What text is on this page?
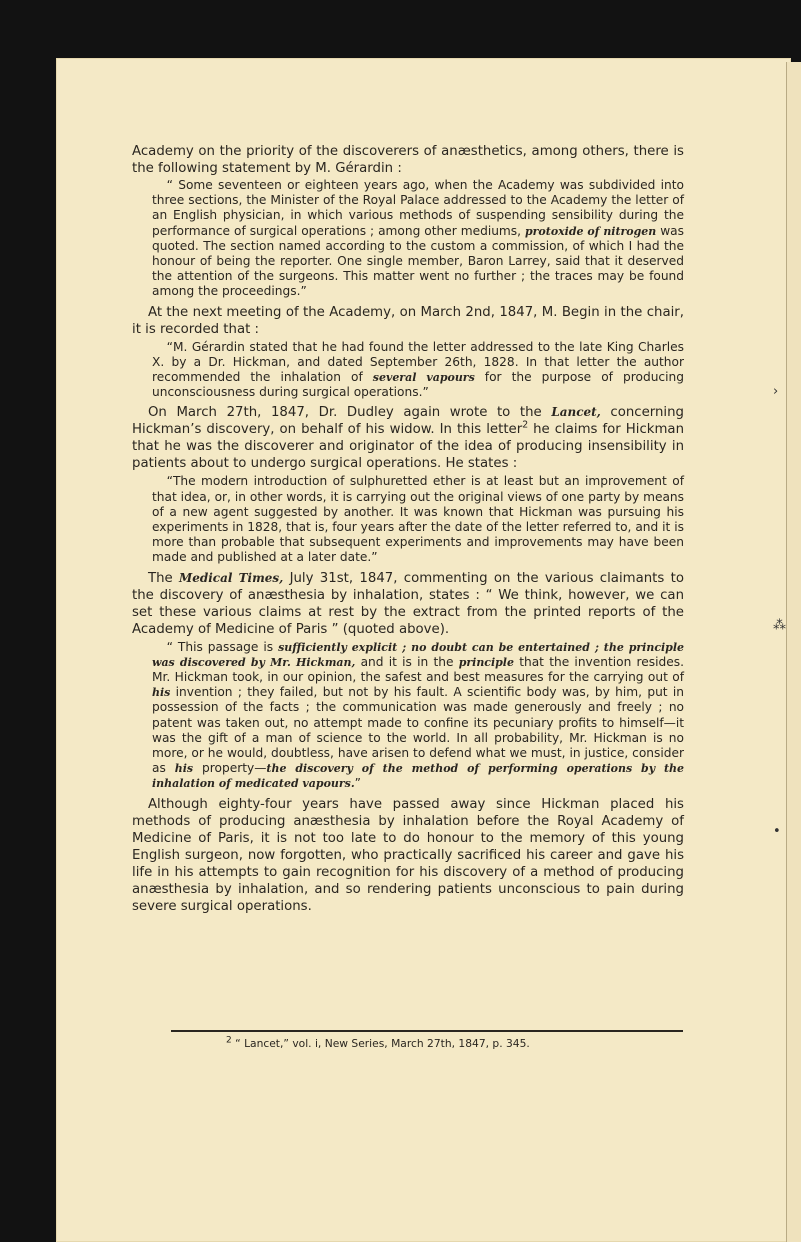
›
⁂
•

Academy on the priority of the discoverers of anæsthetics, among others, there is the following statement by M. Gérardin :

“ Some seventeen or eighteen years ago, when the Academy was subdivided into three sections, the Minister of the Royal Palace addressed to the Academy the letter of an English physician, in which various methods of suspending sensibility during the performance of surgical operations ; among other mediums, protoxide of nitrogen was quoted. The section named according to the custom a commission, of which I had the honour of being the reporter. One single member, Baron Larrey, said that it deserved the attention of the surgeons. This matter went no further ; the traces may be found among the proceedings.”

At the next meeting of the Academy, on March 2nd, 1847, M. Begin in the chair, it is recorded that :

“M. Gérardin stated that he had found the letter addressed to the late King Charles X. by a Dr. Hickman, and dated September 26th, 1828. In that letter the author recommended the inhalation of several vapours for the purpose of producing unconsciousness during surgical operations.”

On March 27th, 1847, Dr. Dudley again wrote to the Lancet, concerning Hickman’s discovery, on behalf of his widow. In this letter$^2$ he claims for Hickman that he was the discoverer and originator of the idea of producing insensibility in patients about to undergo surgical operations. He states :

“The modern introduction of sulphuretted ether is at least but an improvement of that idea, or, in other words, it is carrying out the original views of one party by means of a new agent suggested by another. It was known that Hickman was pursuing his experiments in 1828, that is, four years after the date of the letter referred to, and it is more than probable that subsequent experiments and improvements may have been made and published at a later date.”

The Medical Times, July 31st, 1847, commenting on the various claimants to the discovery of anæsthesia by inhalation, states : “ We think, however, we can set these various claims at rest by the extract from the printed reports of the Academy of Medicine of Paris ” (quoted above).

“ This passage is sufficiently explicit ; no doubt can be entertained ; the principle was discovered by Mr. Hickman, and it is in the principle that the invention resides. Mr. Hickman took, in our opinion, the safest and best measures for the carrying out of his invention ; they failed, but not by his fault. A scientific body was, by him, put in possession of the facts ; the communication was made generously and freely ; no patent was taken out, no attempt made to confine its pecuniary profits to himself—it was the gift of a man of science to the world. In all probability, Mr. Hickman is no more, or he would, doubtless, have arisen to defend what we must, in justice, consider as his property—the discovery of the method of performing operations by the inhalation of medicated vapours.”

Although eighty-four years have passed away since Hickman placed his methods of producing anæsthesia by inhalation before the Royal Academy of Medicine of Paris, it is not too late to do honour to the memory of this young English surgeon, now forgotten, who practically sacrificed his career and gave his life in his attempts to gain recognition for his discovery of a method of producing anæsthesia by inhalation, and so rendering patients unconscious to pain during severe surgical operations.

$^2$ “ Lancet,” vol. i, New Series, March 27th, 1847, p. 345.
